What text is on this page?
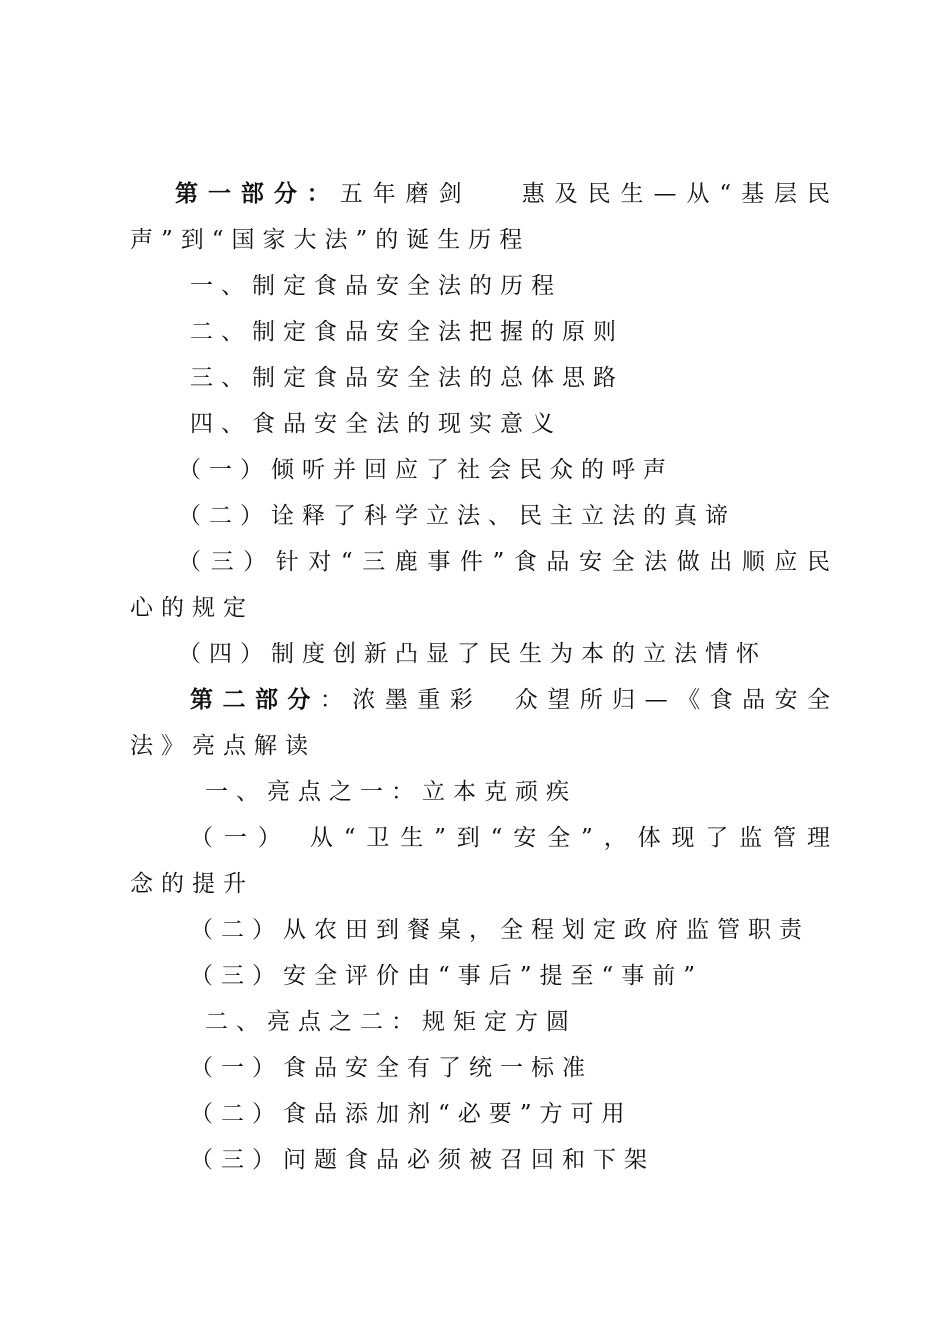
第一部分：五年磨剑　 惠及民生—从“基层民
声”到“国家大法”的诞生历程
一、制定食品安全法的历程
二、制定食品安全法把握的原则
三、制定食品安全法的总体思路
四、食品安全法的现实意义
（一）倾听并回应了社会民众的呼声
（二）诠释了科学立法、民主立法的真谛
（三）针对“三鹿事件”食品安全法做出顺应民
心的规定
（四）制度创新凸显了民生为本的立法情怀
第二部分：浓墨重彩　众望所归—《食品安全
法》亮点解读
一、亮点之一：立本克顽疾
（一） 从“卫生”到“安全”，体现了监管理
念的提升
（二）从农田到餐桌，全程划定政府监管职责
（三）安全评价由“事后”提至“事前”
二、亮点之二：规矩定方圆
（一）食品安全有了统一标准
（二）食品添加剂“必要”方可用
（三）问题食品必须被召回和下架
